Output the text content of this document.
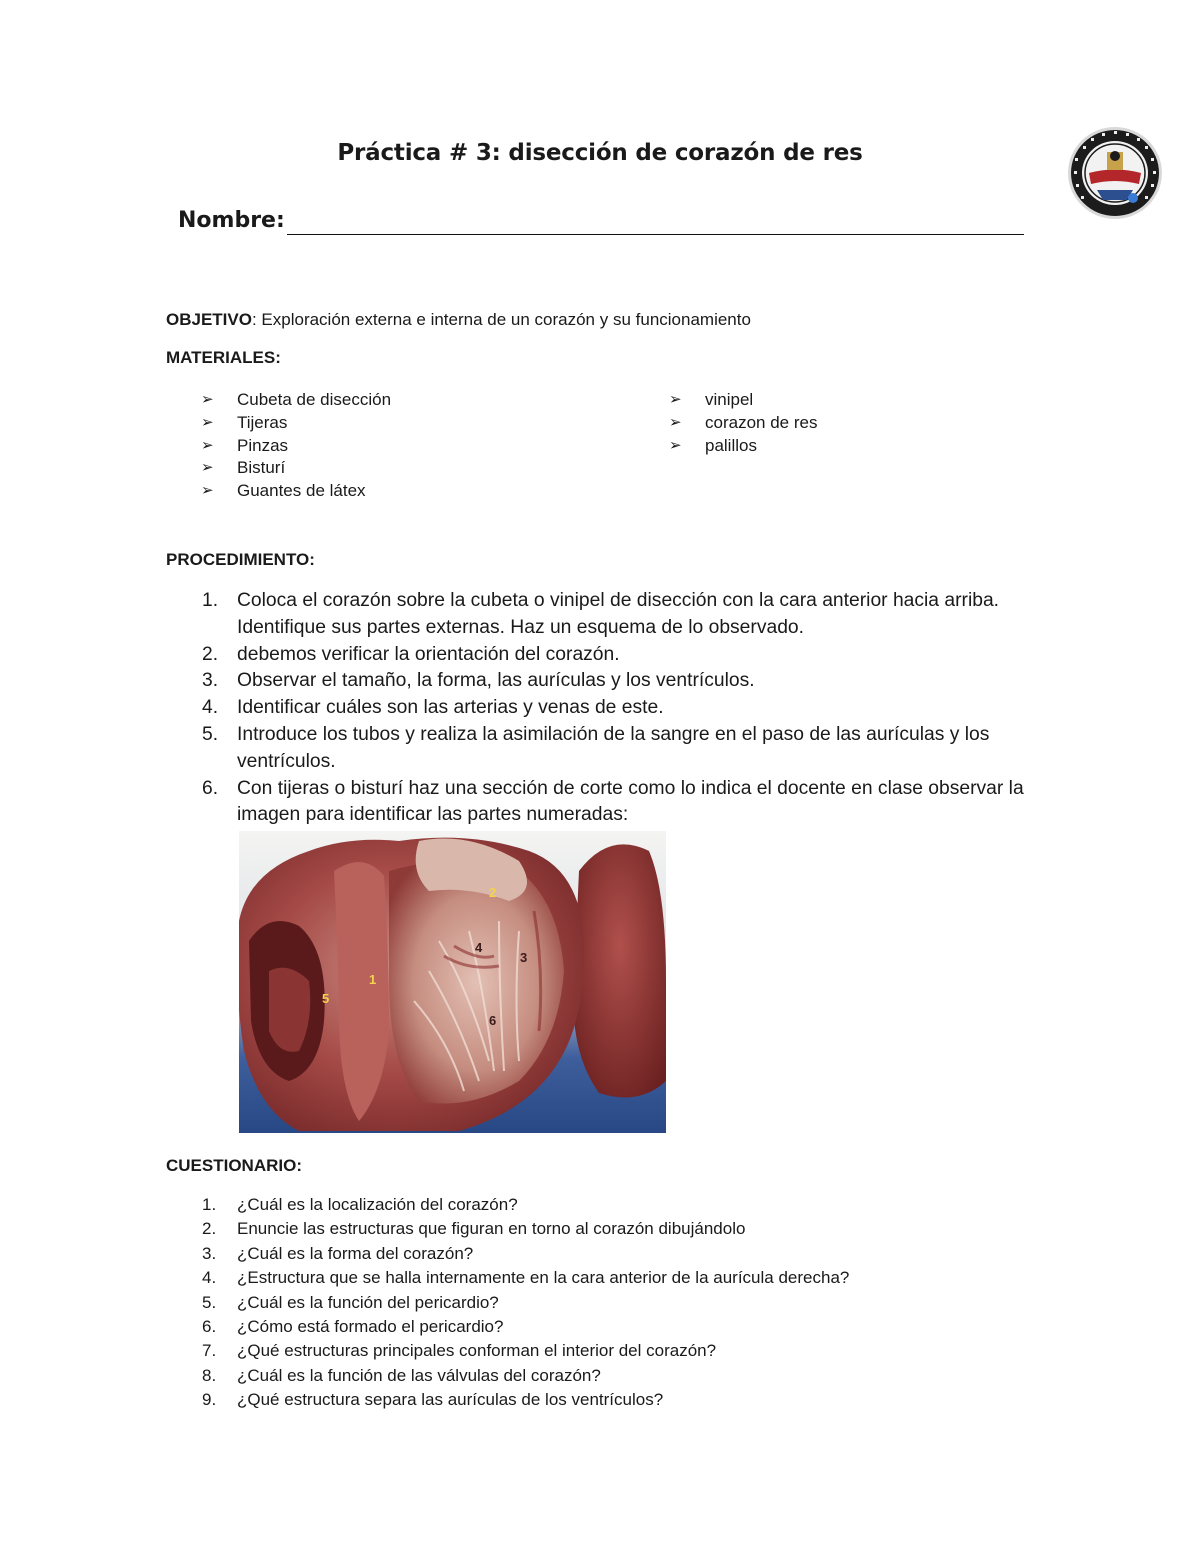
Práctica # 3: disección de corazón de res
Nombre:
OBJETIVO: Exploración externa e interna de un corazón y su funcionamiento
MATERIALES:
➢ Cubeta de disección
➢ Tijeras
➢ Pinzas
➢ Bisturí
➢ Guantes de látex
➢ vinipel
➢ corazon de res
➢ palillos
PROCEDIMIENTO:
1. Coloca el corazón sobre la cubeta o vinipel de disección con la cara anterior hacia arriba. Identifique sus partes externas. Haz un esquema de lo observado.
2. debemos verificar la orientación del corazón.
3. Observar el tamaño, la forma, las aurículas y los ventrículos.
4. Identificar cuáles son las arterias y venas de este.
5. Introduce los tubos y realiza la asimilación de la sangre en el paso de las aurículas y los ventrículos.
6. Con tijeras o bisturí haz una sección de corte como lo indica el docente en clase observar la imagen para identificar las partes numeradas:
1
2
3
4
5
6
CUESTIONARIO:
1. ¿Cuál es la localización del corazón?
2. Enuncie las estructuras que figuran en torno al corazón dibujándolo
3. ¿Cuál es la forma del corazón?
4. ¿Estructura que se halla internamente en la cara anterior de la aurícula derecha?
5. ¿Cuál es la función del pericardio?
6. ¿Cómo está formado el pericardio?
7. ¿Qué estructuras principales conforman el interior del corazón?
8. ¿Cuál es la función de las válvulas del corazón?
9. ¿Qué estructura separa las aurículas de los ventrículos?
